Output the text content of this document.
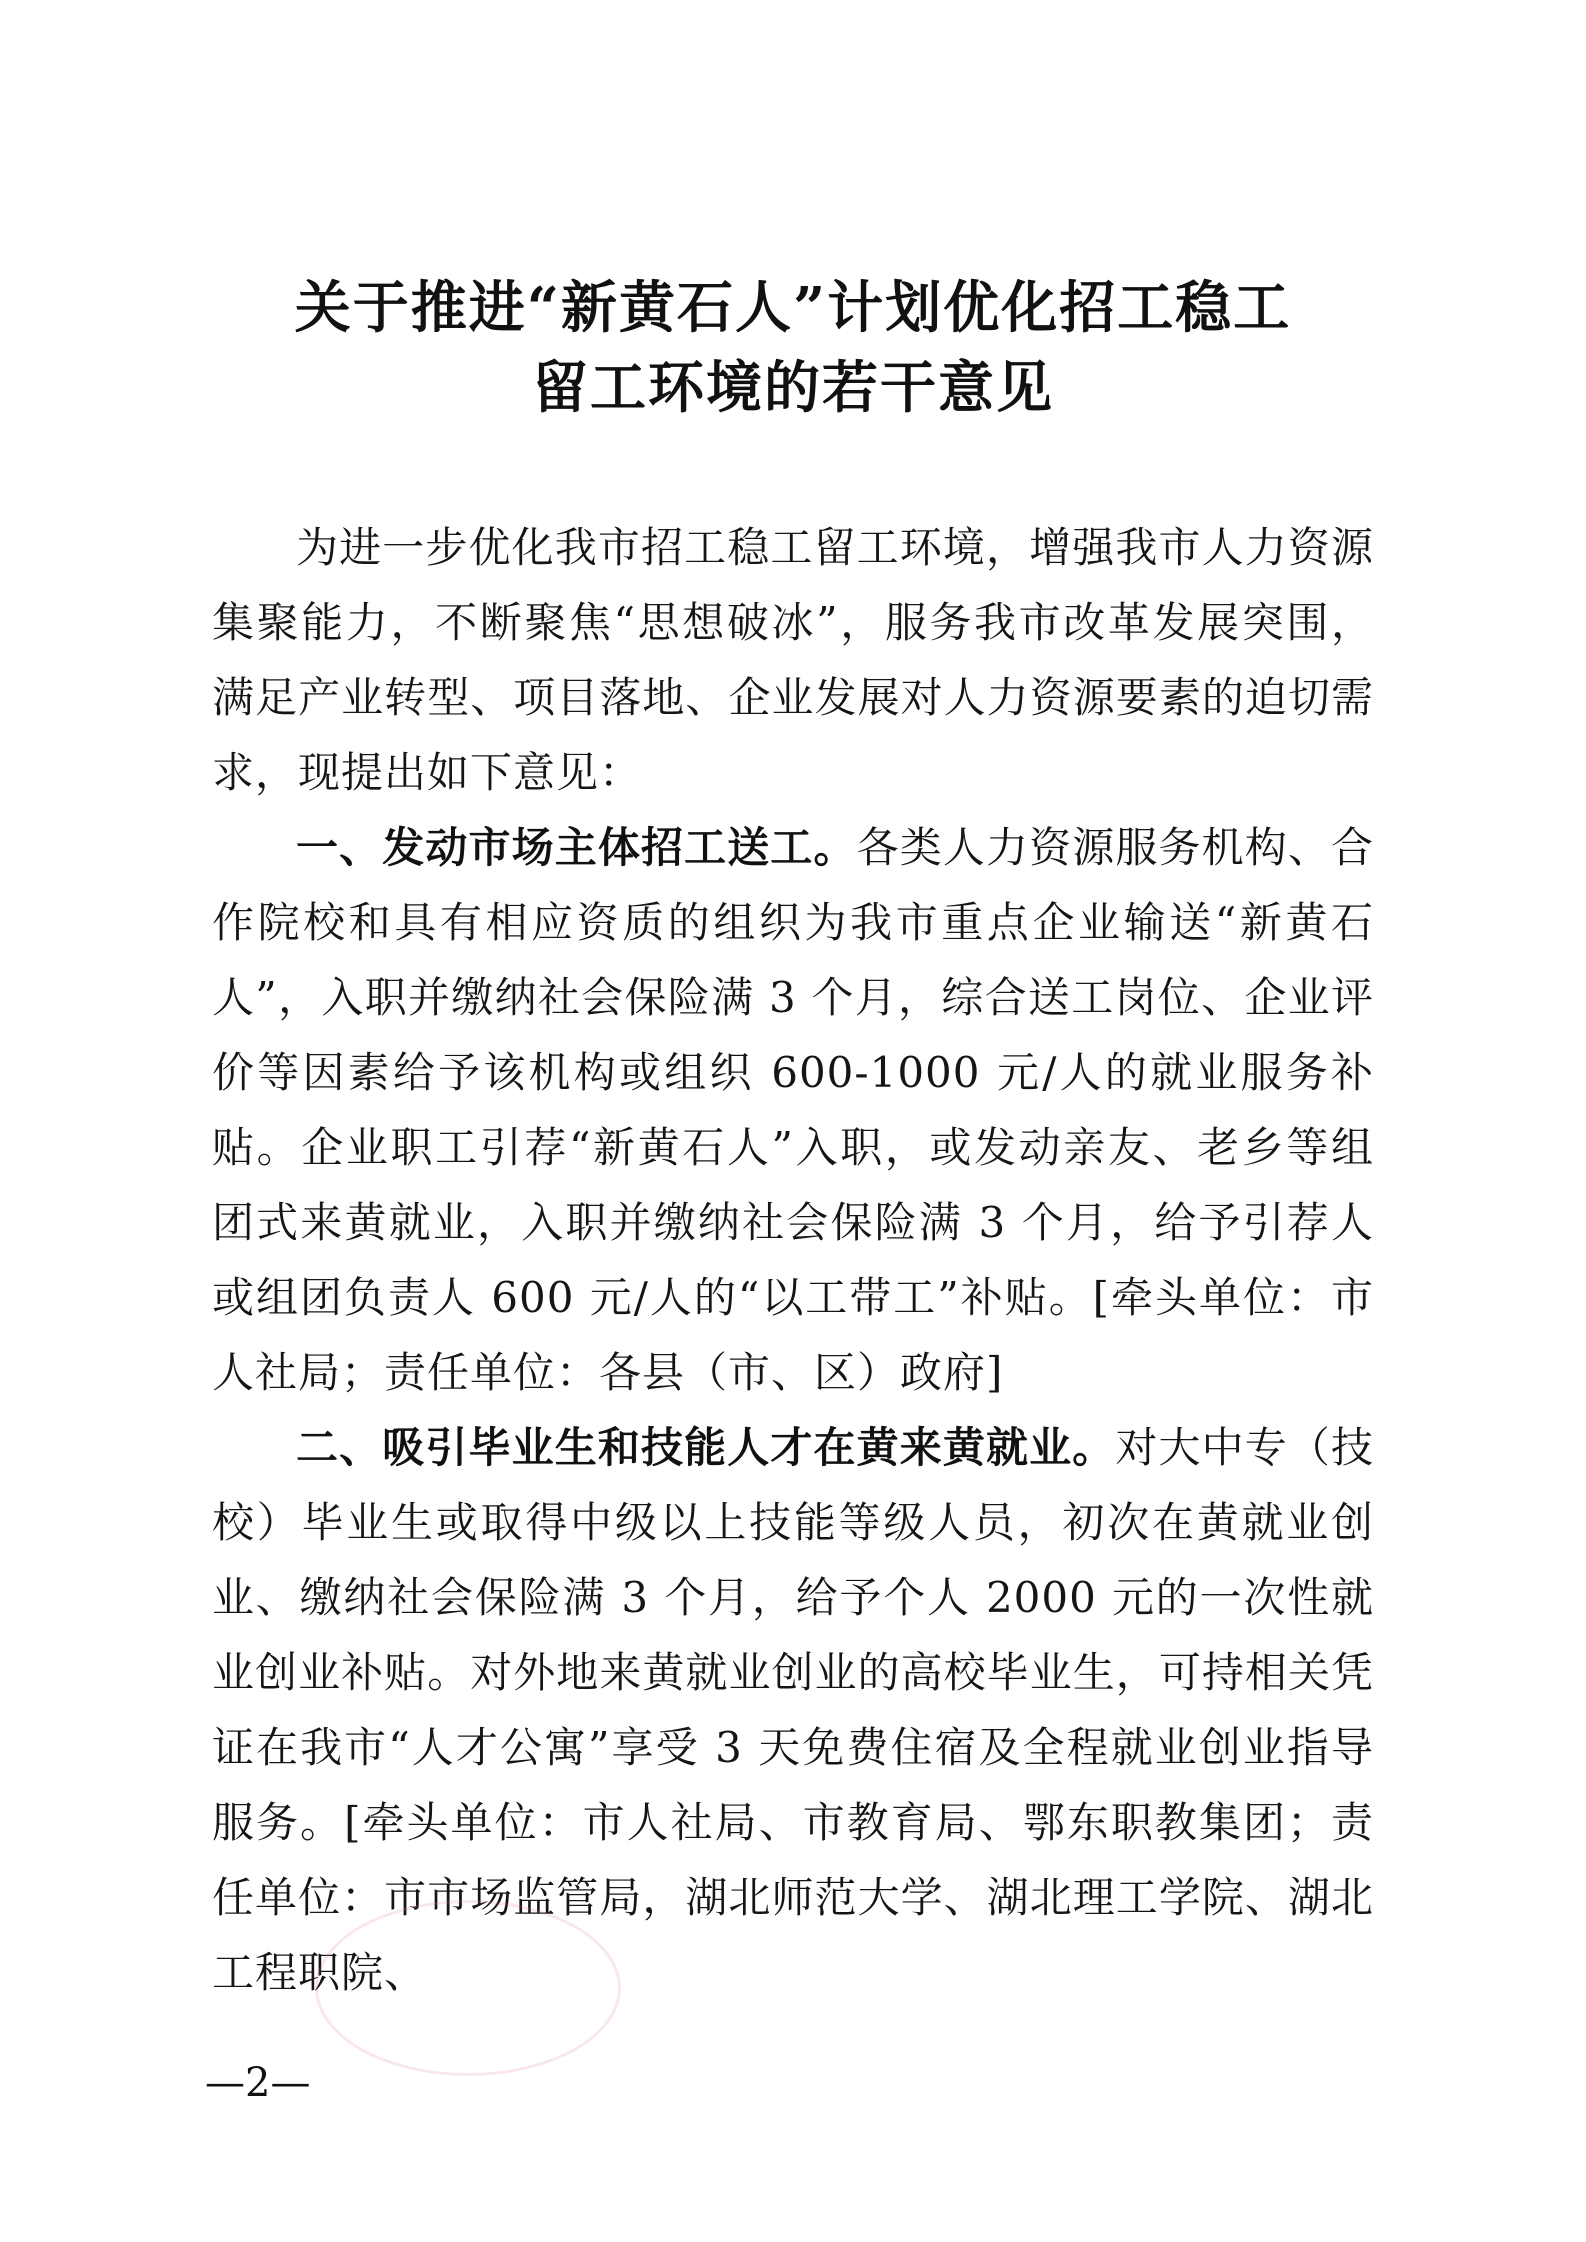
关于推进“新黄石人”计划优化招工稳工
留工环境的若干意见

为进一步优化我市招工稳工留工环境，增强我市人力资源集聚能力，不断聚焦“思想破冰”，服务我市改革发展突围，满足产业转型、项目落地、企业发展对人力资源要素的迫切需求，现提出如下意见：

一、发动市场主体招工送工。各类人力资源服务机构、合作院校和具有相应资质的组织为我市重点企业输送“新黄石人”，入职并缴纳社会保险满 3 个月，综合送工岗位、企业评价等因素给予该机构或组织 600-1000 元/人的就业服务补贴。企业职工引荐“新黄石人”入职，或发动亲友、老乡等组团式来黄就业，入职并缴纳社会保险满 3 个月，给予引荐人或组团负责人 600 元/人的“以工带工”补贴。[牵头单位：市人社局；责任单位：各县（市、区）政府]

二、吸引毕业生和技能人才在黄来黄就业。对大中专（技校）毕业生或取得中级以上技能等级人员，初次在黄就业创业、缴纳社会保险满 3 个月，给予个人 2000 元的一次性就业创业补贴。对外地来黄就业创业的高校毕业生，可持相关凭证在我市“人才公寓”享受 3 天免费住宿及全程就业创业指导服务。[牵头单位：市人社局、市教育局、鄂东职教集团；责任单位：市市场监管局，湖北师范大学、湖北理工学院、湖北工程职院、

—2—
